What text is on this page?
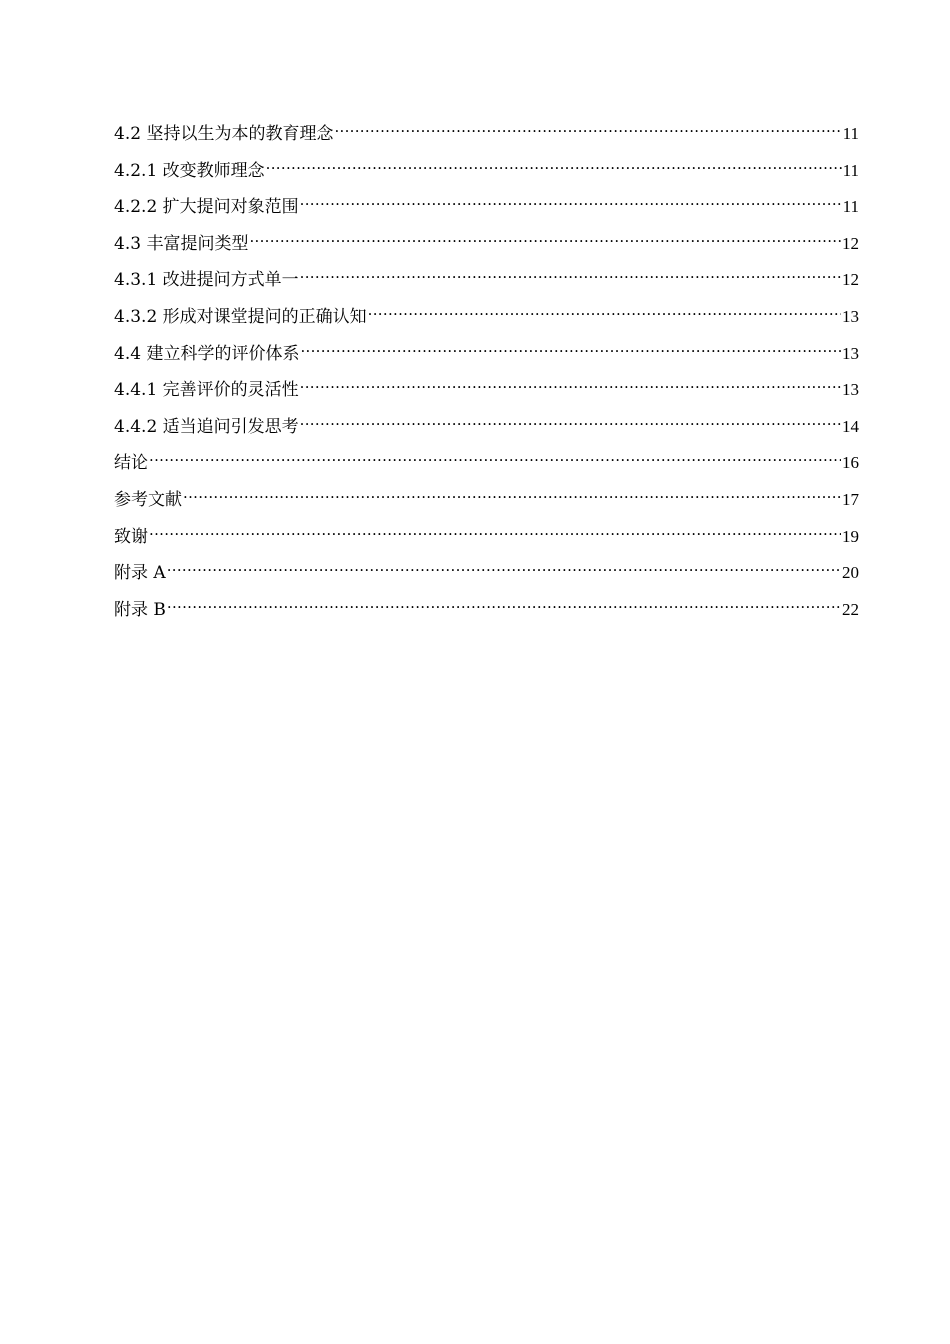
4.2 坚持以生为本的教育理念 .....	11
4.2.1 改变教师理念 .....	11
4.2.2 扩大提问对象范围 .....	11
4.3 丰富提问类型 .....	12
4.3.1 改进提问方式单一 .....	12
4.3.2 形成对课堂提问的正确认知 .....	13
4.4 建立科学的评价体系 .....	13
4.4.1 完善评价的灵活性 .....	13
4.4.2 适当追问引发思考 .....	14
结论 .....	16
参考文献 .....	17
致谢 .....	19
附录 A .....	20
附录 B .....	22
